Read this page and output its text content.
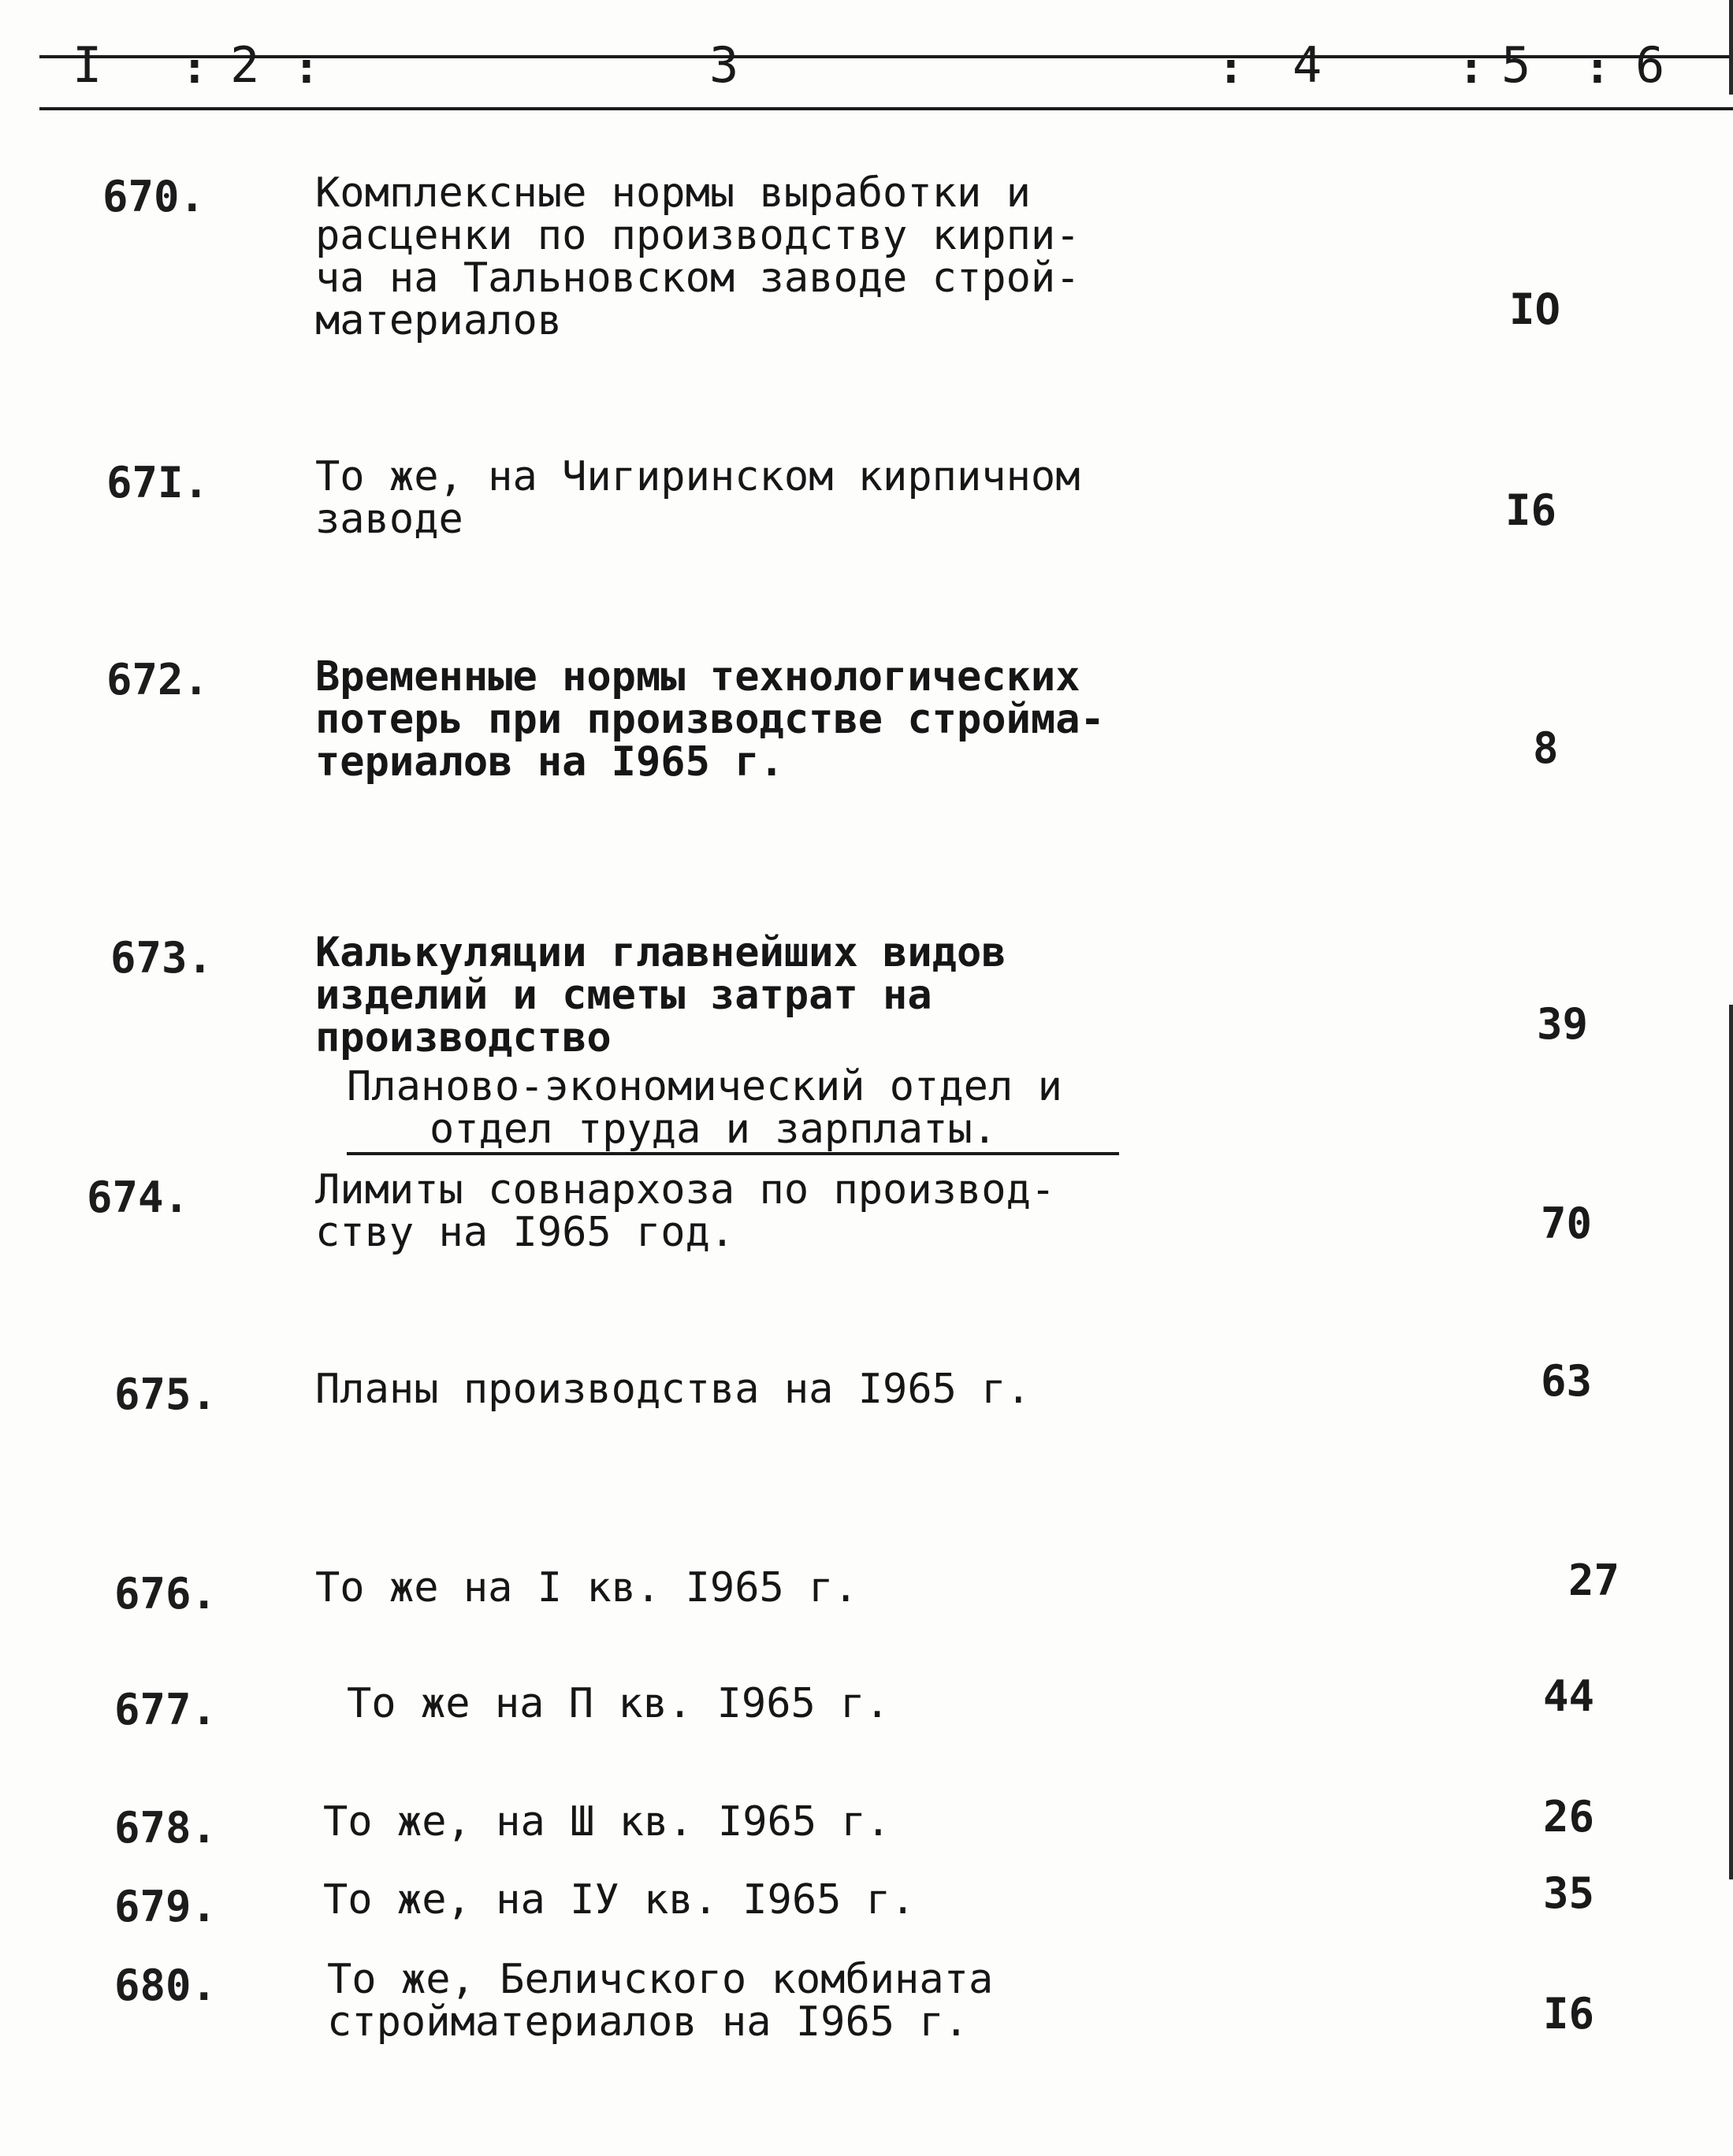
I : 2 :	3	: 4	: 5 : 6
670.	Комплексные нормы выработки и
расценки по производству кирпи-
ча на Тальновском заводе строй-
материалов	IO
67I.	То же, на Чигиринском кирпичном
заводе	I6
672.	Временные нормы технологических
потерь при производстве стройма-
териалов на I965 г.	8
673. Калькуляции главнейших видов
изделий и сметы затрат на
производство	39
Планово-экономический отдел и
отдел труда и зарплаты.
674.	Лимиты совнархоза по производ-
ству на I965 год.	70
675. Планы производства на I965 г.	63
676. То же на I кв. I965 г.	27
677.	То же на П кв. I965 г.	44
678.	То же, на Ш кв. I965 г.	26
679.	То же, на IУ кв. I965 г.	35
680.	То же, Беличского комбината
стройматериалов на I965 г.	I6
